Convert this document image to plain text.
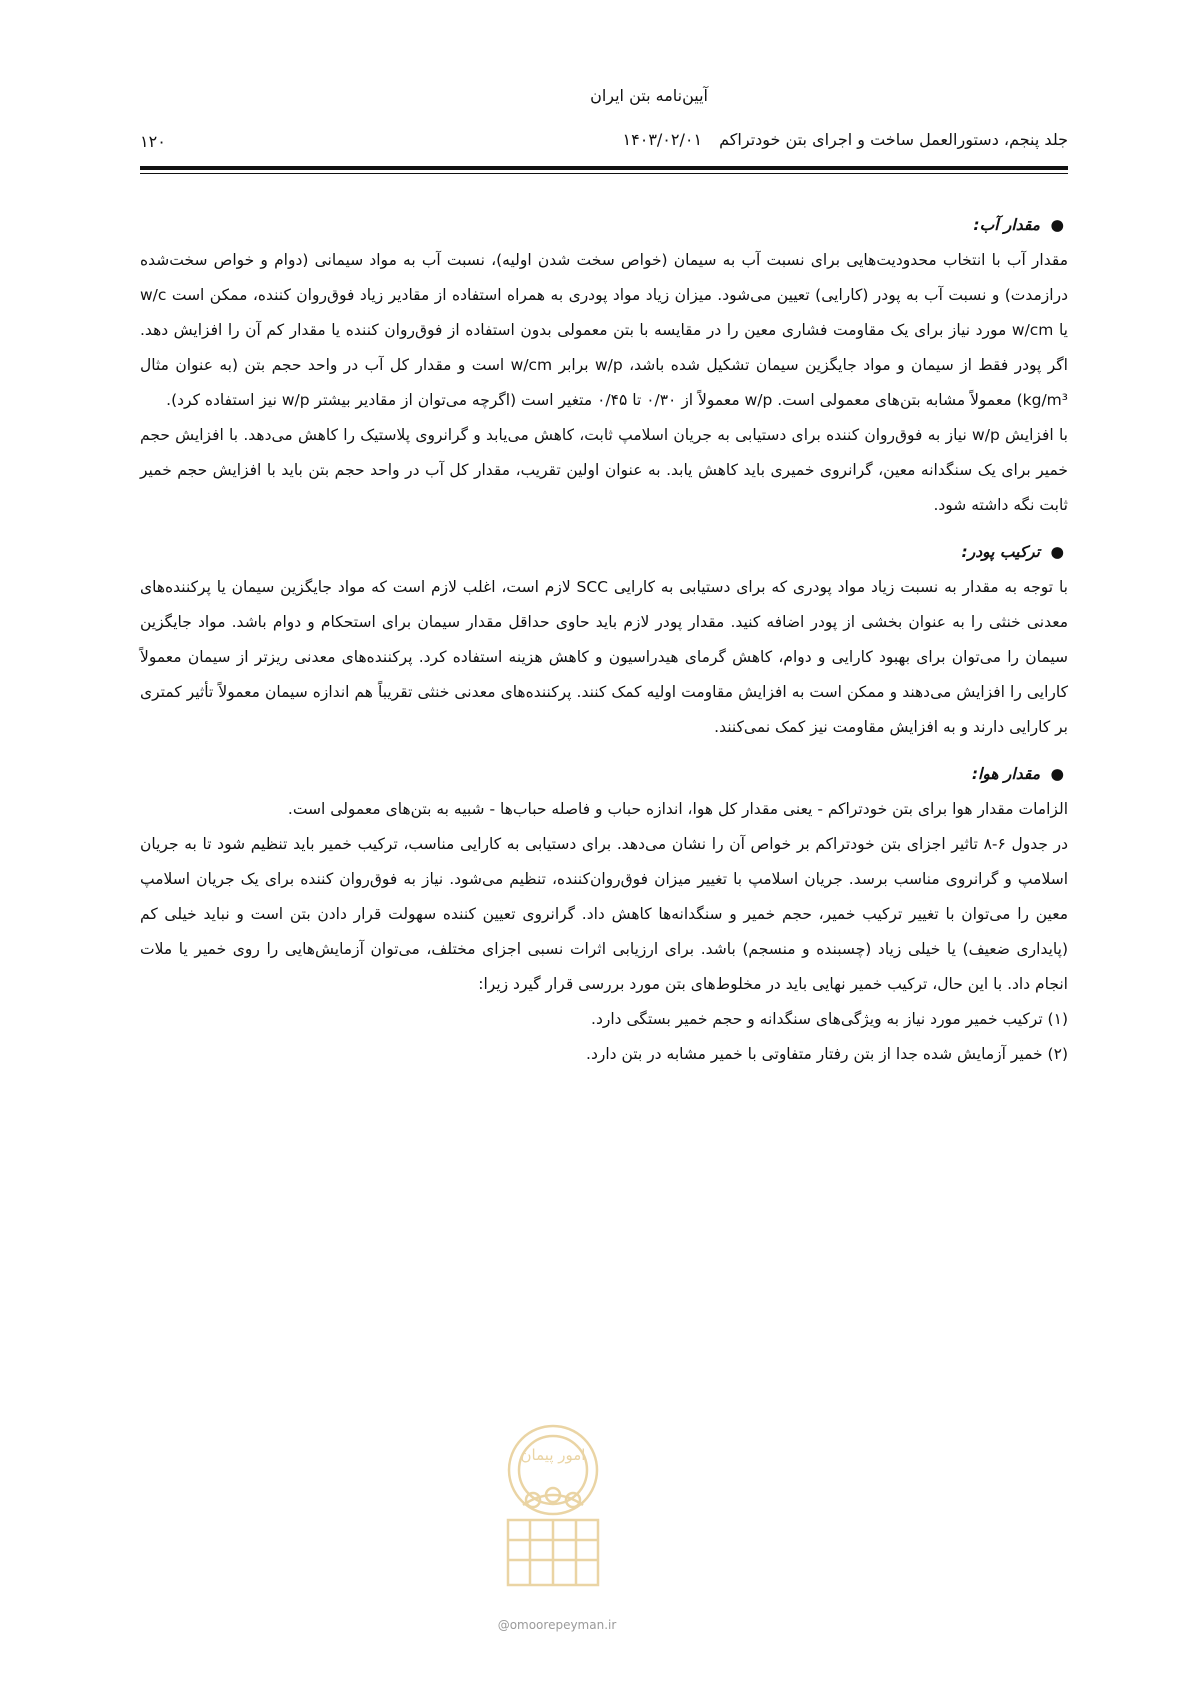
آیین‌نامه بتن ایران
جلد پنجم، دستورالعمل ساخت و اجرای بتن خودتراکم ۱۴۰۳/۰۲/۰۱
۱۲۰
●
مقدار آب:

مقدار آب با انتخاب محدودیت‌هایی برای نسبت آب به سیمان (خواص سخت شدن اولیه)، نسبت آب به مواد سیمانی (دوام و خواص سخت‌شده درازمدت) و نسبت آب به پودر (کارایی) تعیین می‌شود. میزان زیاد مواد پودری به همراه استفاده از مقادیر زیاد فوق‌روان کننده، ممکن است w/c یا w/cm مورد نیاز برای یک مقاومت فشاری معین را در مقایسه با بتن معمولی بدون استفاده از فوق‌روان کننده یا مقدار کم آن را افزایش دهد. اگر پودر فقط از سیمان و مواد جایگزین سیمان تشکیل شده باشد، w/p برابر w/cm است و مقدار کل آب در واحد حجم بتن (به عنوان مثال kg/m³) معمولاً مشابه بتن‌های معمولی است. w/p معمولاً از ۰/۳۰ تا ۰/۴۵ متغیر است (اگرچه می‌توان از مقادیر بیشتر w/p نیز استفاده کرد).

با افزایش w/p نیاز به فوق‌روان کننده برای دستیابی به جریان اسلامپ ثابت، کاهش می‌یابد و گرانروی پلاستیک را کاهش می‌دهد. با افزایش حجم خمیر برای یک سنگدانه معین، گرانروی خمیری باید کاهش یابد. به عنوان اولین تقریب، مقدار کل آب در واحد حجم بتن باید با افزایش حجم خمیر ثابت نگه داشته شود.

●
ترکیب پودر:

با توجه به مقدار به نسبت زیاد مواد پودری که برای دستیابی به کارایی SCC لازم است، اغلب لازم است که مواد جایگزین سیمان یا پرکننده‌های معدنی خنثی را به عنوان بخشی از پودر اضافه کنید. مقدار پودر لازم باید حاوی حداقل مقدار سیمان برای استحکام و دوام باشد. مواد جایگزین سیمان را می‌توان برای بهبود کارایی و دوام، کاهش گرمای هیدراسیون و کاهش هزینه استفاده کرد. پرکننده‌های معدنی ریزتر از سیمان معمولاً کارایی را افزایش می‌دهند و ممکن است به افزایش مقاومت اولیه کمک کنند. پرکننده‌های معدنی خنثی تقریباً هم اندازه سیمان معمولاً تأثیر کمتری بر کارایی دارند و به افزایش مقاومت نیز کمک نمی‌کنند.

●
مقدار هوا:

الزامات مقدار هوا برای بتن خودتراکم - یعنی مقدار کل هوا، اندازه حباب و فاصله حباب‌ها - شبیه به بتن‌های معمولی است.

در جدول ۶-۸ تاثیر اجزای بتن خودتراکم بر خواص آن را نشان می‌دهد. برای دستیابی به کارایی مناسب، ترکیب خمیر باید تنظیم شود تا به جریان اسلامپ و گرانروی مناسب برسد. جریان اسلامپ با تغییر میزان فوق‌روان‌کننده، تنظیم می‌شود. نیاز به فوق‌روان کننده برای یک جریان اسلامپ معین را می‌توان با تغییر ترکیب خمیر، حجم خمیر و سنگدانه‌ها کاهش داد. گرانروی تعیین کننده سهولت قرار دادن بتن است و نباید خیلی کم (پایداری ضعیف) یا خیلی زیاد (چسبنده و منسجم) باشد. برای ارزیابی اثرات نسبی اجزای مختلف، می‌توان آزمایش‌هایی را روی خمیر یا ملات انجام داد. با این حال، ترکیب خمیر نهایی باید در مخلوط‌های بتن مورد بررسی قرار گیرد زیرا:

(۱) ترکیب خمیر مورد نیاز به ویژگی‌های سنگدانه و حجم خمیر بستگی دارد.

(۲) خمیر آزمایش شده جدا از بتن رفتار متفاوتی با خمیر مشابه در بتن دارد.

امور پیمان
@omoorepeyman.ir
